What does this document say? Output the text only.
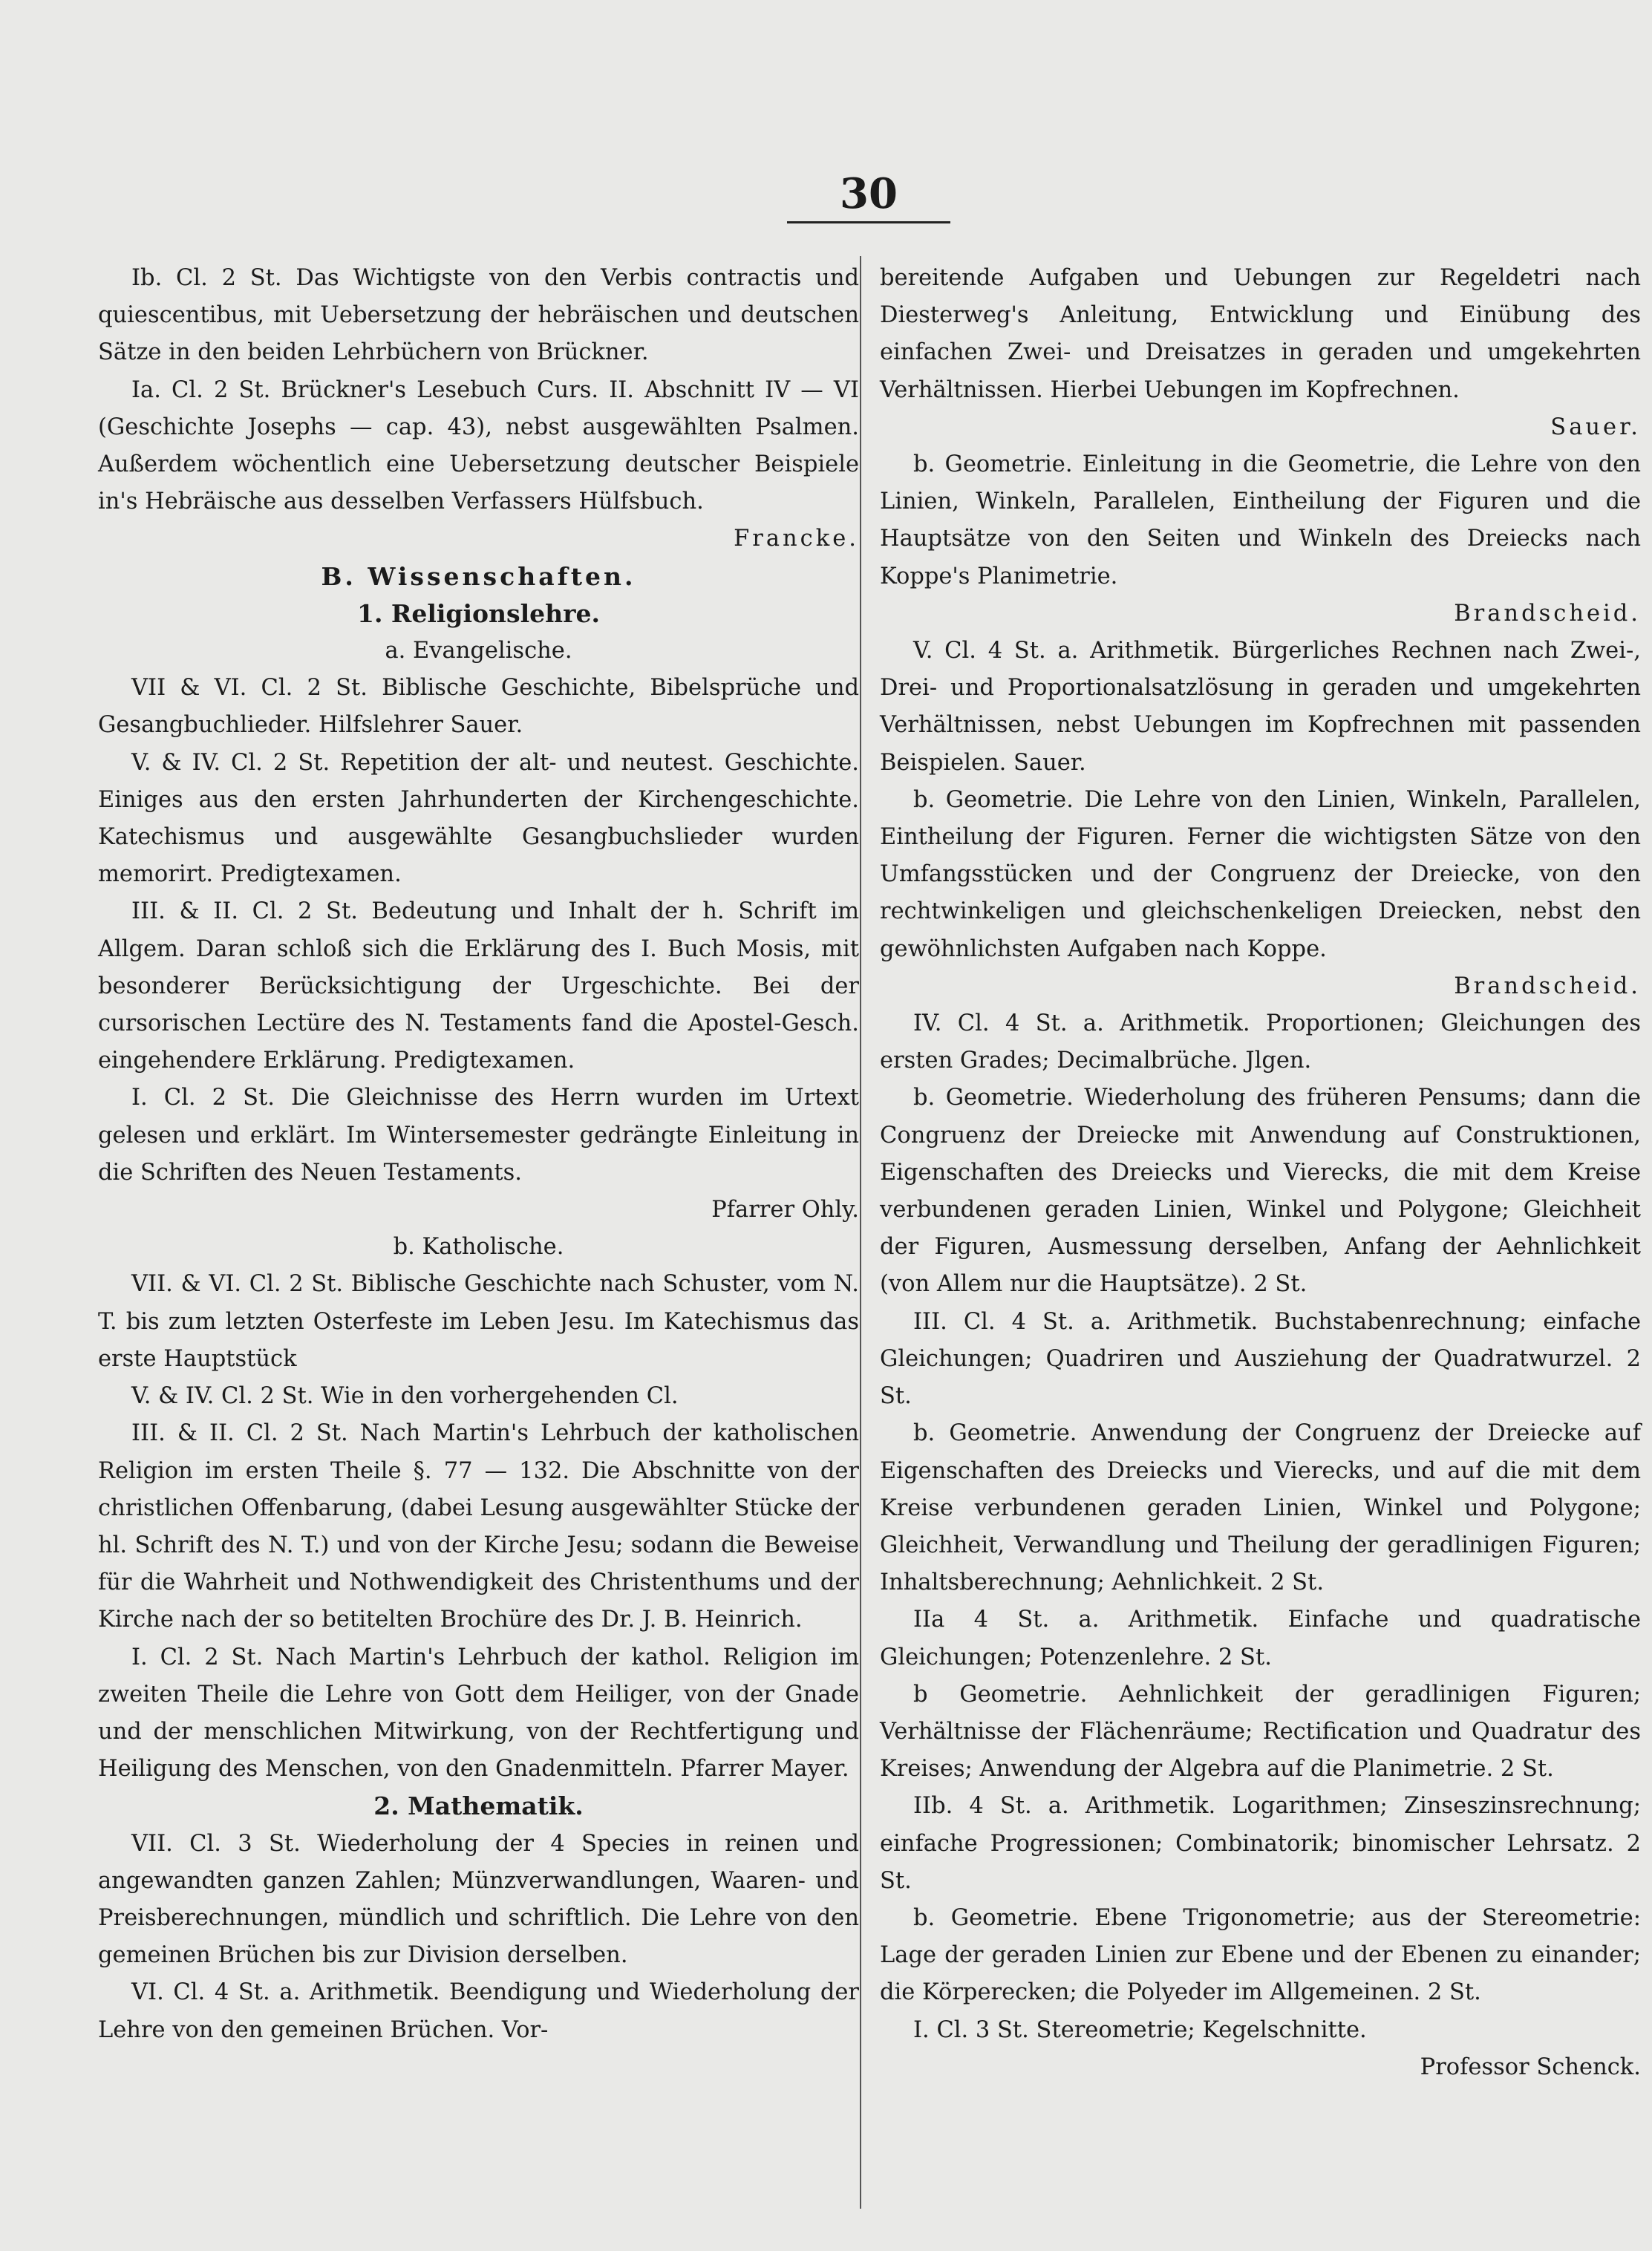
30

Ib. Cl. 2 St. Das Wichtigste von den Verbis contractis und quiescentibus, mit Uebersetzung der hebräischen und deutschen Sätze in den beiden Lehrbüchern von Brückner.

Ia. Cl. 2 St. Brückner's Lesebuch Curs. II. Abschnitt IV — VI (Geschichte Josephs — cap. 43), nebst ausgewählten Psalmen. Außerdem wöchentlich eine Uebersetzung deutscher Beispiele in's Hebräische aus desselben Verfassers Hülfsbuch.

Francke.

B. Wissenschaften.

1. Religionslehre.

a. Evangelische.

VII & VI. Cl. 2 St. Biblische Geschichte, Bibelsprüche und Gesangbuchlieder. Hilfslehrer Sauer.

V. & IV. Cl. 2 St. Repetition der alt- und neutest. Geschichte. Einiges aus den ersten Jahrhunderten der Kirchengeschichte. Katechismus und ausgewählte Gesangbuchslieder wurden memorirt. Predigtexamen.

III. & II. Cl. 2 St. Bedeutung und Inhalt der h. Schrift im Allgem. Daran schloß sich die Erklärung des I. Buch Mosis, mit besonderer Berücksichtigung der Urgeschichte. Bei der cursorischen Lectüre des N. Testaments fand die Apostel-Gesch. eingehendere Erklärung. Predigtexamen.

I. Cl. 2 St. Die Gleichnisse des Herrn wurden im Urtext gelesen und erklärt. Im Wintersemester gedrängte Einleitung in die Schriften des Neuen Testaments.

Pfarrer Ohly.

b. Katholische.

VII. & VI. Cl. 2 St. Biblische Geschichte nach Schuster, vom N. T. bis zum letzten Osterfeste im Leben Jesu. Im Katechismus das erste Hauptstück

V. & IV. Cl. 2 St. Wie in den vorhergehenden Cl.

III. & II. Cl. 2 St. Nach Martin's Lehrbuch der katholischen Religion im ersten Theile §. 77 — 132. Die Abschnitte von der christlichen Offenbarung, (dabei Lesung ausgewählter Stücke der hl. Schrift des N. T.) und von der Kirche Jesu; sodann die Beweise für die Wahrheit und Nothwendigkeit des Christenthums und der Kirche nach der so betitelten Brochüre des Dr. J. B. Heinrich.

I. Cl. 2 St. Nach Martin's Lehrbuch der kathol. Religion im zweiten Theile die Lehre von Gott dem Heiliger, von der Gnade und der menschlichen Mitwirkung, von der Rechtfertigung und Heiligung des Menschen, von den Gnadenmitteln. Pfarrer Mayer.

2. Mathematik.

VII. Cl. 3 St. Wiederholung der 4 Species in reinen und angewandten ganzen Zahlen; Münzverwandlungen, Waaren- und Preisberechnungen, mündlich und schriftlich. Die Lehre von den gemeinen Brüchen bis zur Division derselben.

VI. Cl. 4 St. a. Arithmetik. Beendigung und Wiederholung der Lehre von den gemeinen Brüchen. Vor-

bereitende Aufgaben und Uebungen zur Regeldetri nach Diesterweg's Anleitung, Entwicklung und Einübung des einfachen Zwei- und Dreisatzes in geraden und umgekehrten Verhältnissen. Hierbei Uebungen im Kopfrechnen.

Sauer.

b. Geometrie. Einleitung in die Geometrie, die Lehre von den Linien, Winkeln, Parallelen, Eintheilung der Figuren und die Hauptsätze von den Seiten und Winkeln des Dreiecks nach Koppe's Planimetrie.

Brandscheid.

V. Cl. 4 St. a. Arithmetik. Bürgerliches Rechnen nach Zwei-, Drei- und Proportionalsatzlösung in geraden und umgekehrten Verhältnissen, nebst Uebungen im Kopfrechnen mit passenden Beispielen. Sauer.

b. Geometrie. Die Lehre von den Linien, Winkeln, Parallelen, Eintheilung der Figuren. Ferner die wichtigsten Sätze von den Umfangsstücken und der Congruenz der Dreiecke, von den rechtwinkeligen und gleichschenkeligen Dreiecken, nebst den gewöhnlichsten Aufgaben nach Koppe.

Brandscheid.

IV. Cl. 4 St. a. Arithmetik. Proportionen; Gleichungen des ersten Grades; Decimalbrüche. Jlgen.

b. Geometrie. Wiederholung des früheren Pensums; dann die Congruenz der Dreiecke mit Anwendung auf Construktionen, Eigenschaften des Dreiecks und Vierecks, die mit dem Kreise verbundenen geraden Linien, Winkel und Polygone; Gleichheit der Figuren, Ausmessung derselben, Anfang der Aehnlichkeit (von Allem nur die Hauptsätze). 2 St.

III. Cl. 4 St. a. Arithmetik. Buchstabenrechnung; einfache Gleichungen; Quadriren und Ausziehung der Quadratwurzel. 2 St.

b. Geometrie. Anwendung der Congruenz der Dreiecke auf Eigenschaften des Dreiecks und Vierecks, und auf die mit dem Kreise verbundenen geraden Linien, Winkel und Polygone; Gleichheit, Verwandlung und Theilung der geradlinigen Figuren; Inhaltsberechnung; Aehnlichkeit. 2 St.

IIa 4 St. a. Arithmetik. Einfache und quadratische Gleichungen; Potenzenlehre. 2 St.

b Geometrie. Aehnlichkeit der geradlinigen Figuren; Verhältnisse der Flächenräume; Rectification und Quadratur des Kreises; Anwendung der Algebra auf die Planimetrie. 2 St.

IIb. 4 St. a. Arithmetik. Logarithmen; Zinseszinsrechnung; einfache Progressionen; Combinatorik; binomischer Lehrsatz. 2 St.

b. Geometrie. Ebene Trigonometrie; aus der Stereometrie: Lage der geraden Linien zur Ebene und der Ebenen zu einander; die Körperecken; die Polyeder im Allgemeinen. 2 St.

I. Cl. 3 St. Stereometrie; Kegelschnitte.

Professor Schenck.
